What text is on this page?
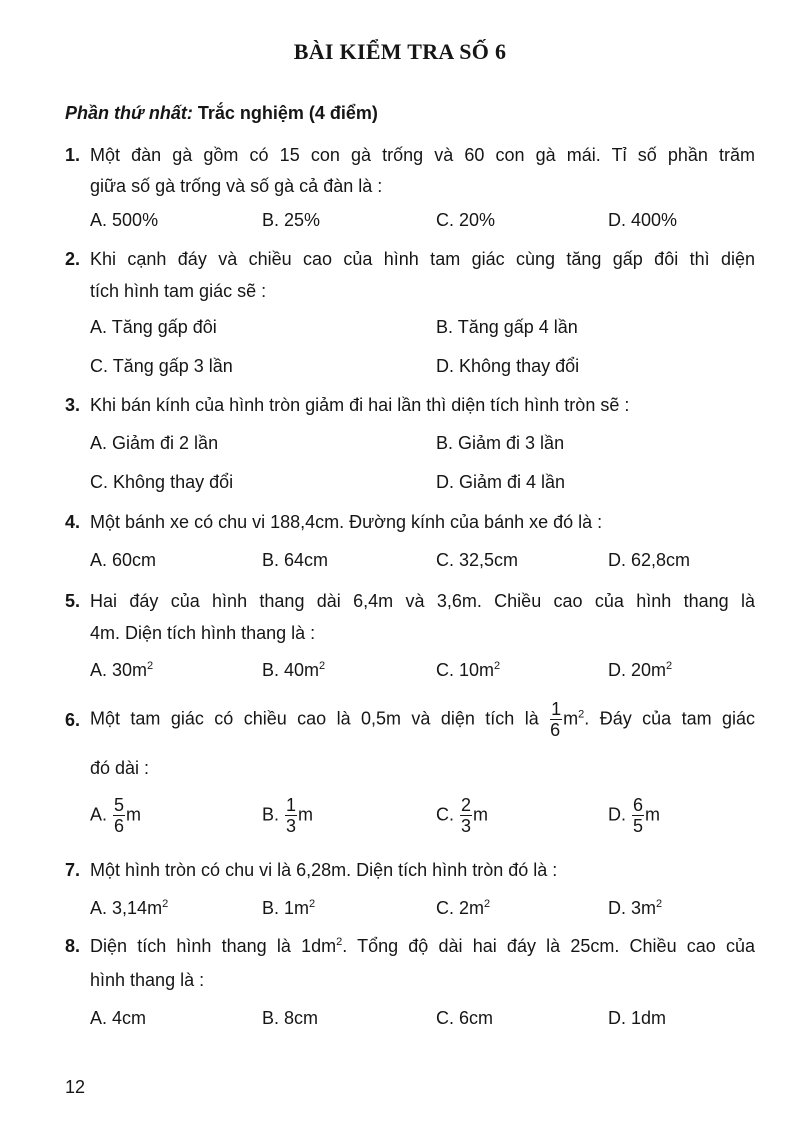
BÀI KIỂM TRA SỐ 6
Phần thứ nhất: Trắc nghiệm (4 điểm)
1. Một đàn gà gồm có 15 con gà trống và 60 con gà mái. Tỉ số phần trăm
giữa số gà trống và số gà cả đàn là :
A. 500%	B. 25%	C. 20%	D. 400%
2. Khi cạnh đáy và chiều cao của hình tam giác cùng tăng gấp đôi thì diện
tích hình tam giác sẽ :
A. Tăng gấp đôi	B. Tăng gấp 4 lần
C. Tăng gấp 3 lần	D. Không thay đổi
3. Khi bán kính của hình tròn giảm đi hai lần thì diện tích hình tròn sẽ :
A. Giảm đi 2 lần	B. Giảm đi 3 lần
C. Không thay đổi	D. Giảm đi 4 lần
4. Một bánh xe có chu vi 188,4cm. Đường kính của bánh xe đó là :
A. 60cm	B. 64cm	C. 32,5cm	D. 62,8cm
5. Hai đáy của hình thang dài 6,4m và 3,6m. Chiều cao của hình thang là
4m. Diện tích hình thang là :
A. $30m^2$	B. $40m^2$	C. $10m^2$	D. $20m^2$
6. Một tam giác có chiều cao là 0,5m và diện tích là $\frac{1}{6} m^2$. Đáy của tam giác
đó dài :
A. $\frac{5}{6}$ m	B. $\frac{1}{3}$ m	C. $\frac{2}{3}$ m	D. $\frac{6}{5}$ m
7. Một hình tròn có chu vi là 6,28m. Diện tích hình tròn đó là :
A. $3,14m^2$	B. $1m^2$	C. $2m^2$	D. $3m^2$
8. Diện tích hình thang là $1dm^2$. Tổng độ dài hai đáy là 25cm. Chiều cao của
hình thang là :
A. 4cm	B. 8cm	C. 6cm	D. 1dm
12
